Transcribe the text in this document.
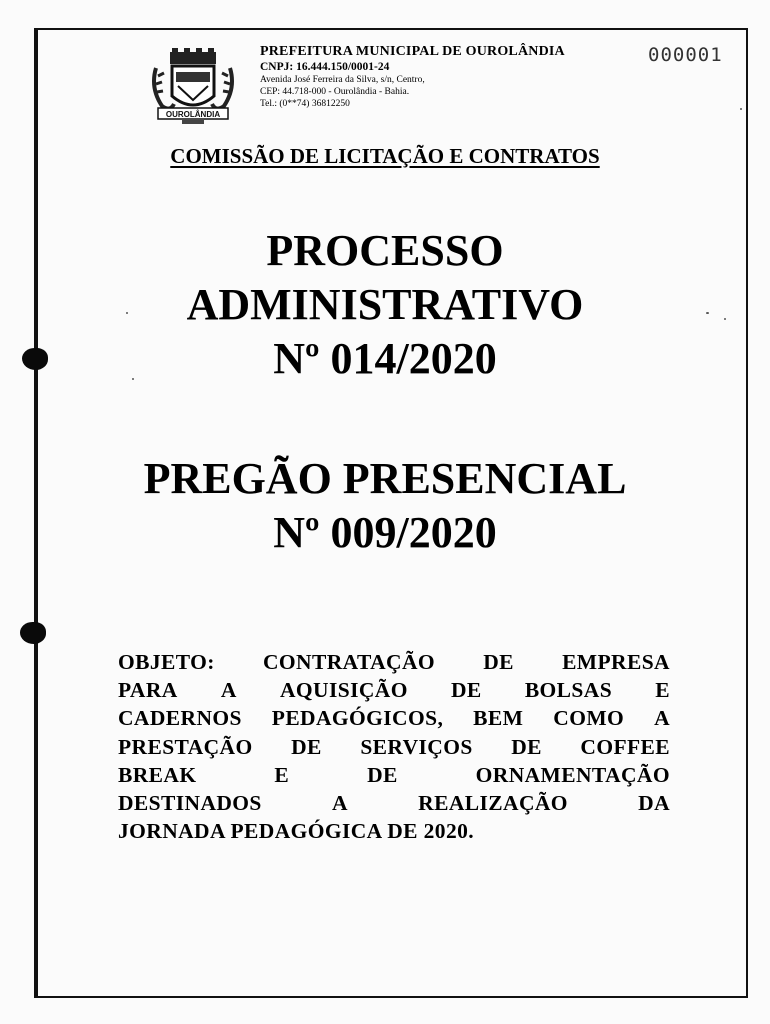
OUROLÂNDIA
PREFEITURA MUNICIPAL DE OUROLÂNDIA
CNPJ: 16.444.150/0001-24
Avenida José Ferreira da Silva, s/n, Centro,
CEP: 44.718-000 - Ourolândia - Bahia.
Tel.: (0**74) 36812250
000001
COMISSÃO DE LICITAÇÃO E CONTRATOS
PROCESSO
ADMINISTRATIVO
Nº 014/2020
PREGÃO PRESENCIAL
Nº 009/2020
OBJETO: CONTRATAÇÃO DE EMPRESA
PARA A AQUISIÇÃO DE BOLSAS E
CADERNOS PEDAGÓGICOS, BEM COMO A
PRESTAÇÃO DE SERVIÇOS DE COFFEE
BREAK	E	DE	ORNAMENTAÇÃO
DESTINADOS	A	REALIZAÇÃO	DA
JORNADA PEDAGÓGICA DE 2020.
